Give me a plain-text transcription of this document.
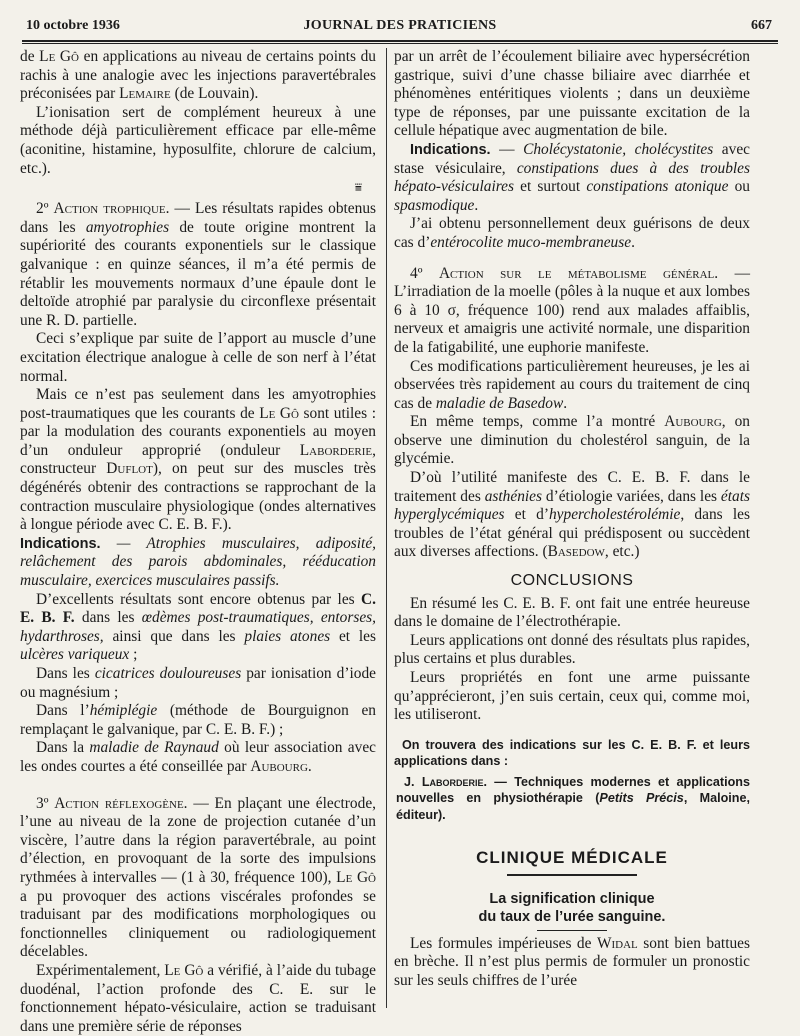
10 octobre 1936	JOURNAL DES PRATICIENS	667

de Le Gô en applications au niveau de certains points du rachis à une analogie avec les injections paravertébrales préconisées par Lemaire (de Louvain).

L’ionisation sert de complément heureux à une méthode déjà particulièrement efficace par elle-même (aconitine, histamine, hyposulfite, chlorure de calcium, etc.).

⩸

2º Action trophique. — Les résultats rapides obtenus dans les amyotrophies de toute origine montrent la supériorité des courants exponentiels sur le classique galvanique : en quinze séances, il m’a été permis de rétablir les mouvements normaux d’une épaule dont le deltoïde atrophié par paralysie du circonflexe présentait une R. D. partielle.

Ceci s’explique par suite de l’apport au muscle d’une excitation électrique analogue à celle de son nerf à l’état normal.

Mais ce n’est pas seulement dans les amyotrophies post-traumatiques que les courants de Le Gô sont utiles : par la modulation des courants exponentiels au moyen d’un onduleur approprié (onduleur Laborderie, constructeur Duflot), on peut sur des muscles très dégénérés obtenir des contractions se rapprochant de la contraction musculaire physiologique (ondes alternatives à longue période avec C. E. B. F.).

Indications. — Atrophies musculaires, adiposité, relâchement des parois abdominales, rééducation musculaire, exercices musculaires passifs.

D’excellents résultats sont encore obtenus par les C. E. B. F. dans les œdèmes post-traumatiques, entorses, hydarthroses, ainsi que dans les plaies atones et les ulcères variqueux ;

Dans les cicatrices douloureuses par ionisation d’iode ou magnésium ;

Dans l’hémiplégie (méthode de Bourguignon en remplaçant le galvanique, par C. E. B. F.) ;

Dans la maladie de Raynaud où leur association avec les ondes courtes a été conseillée par Aubourg.

3º Action réflexogène. — En plaçant une électrode, l’une au niveau de la zone de projection cutanée d’un viscère, l’autre dans la région paravertébrale, au point d’élection, en provoquant de la sorte des impulsions rythmées à intervalles — (1 à 30, fréquence 100), Le Gô a pu provoquer des actions viscérales profondes se traduisant par des modifications morphologiques ou fonctionnelles cliniquement ou radiologiquement décelables.

Expérimentalement, Le Gô a vérifié, à l’aide du tubage duodénal, l’action profonde des C. E. sur le fonctionnement hépato-vésiculaire, action se traduisant dans une première série de réponses

par un arrêt de l’écoulement biliaire avec hypersécrétion gastrique, suivi d’une chasse biliaire avec diarrhée et phénomènes entéritiques violents ; dans un deuxième type de réponses, par une puissante excitation de la cellule hépatique avec augmentation de bile.

Indications. — Cholécystatonie, cholécystites avec stase vésiculaire, constipations dues à des troubles hépato-vésiculaires et surtout constipations atonique ou spasmodique.

J’ai obtenu personnellement deux guérisons de deux cas d’entérocolite muco-membraneuse.

4º Action sur le métabolisme général. — L’irradiation de la moelle (pôles à la nuque et aux lombes 6 à 10 σ, fréquence 100) rend aux malades affaiblis, nerveux et amaigris une activité normale, une disparition de la fatigabilité, une euphorie manifeste.

Ces modifications particulièrement heureuses, je les ai observées très rapidement au cours du traitement de cinq cas de maladie de Basedow.

En même temps, comme l’a montré Aubourg, on observe une diminution du cholestérol sanguin, de la glycémie.

D’où l’utilité manifeste des C. E. B. F. dans le traitement des asthénies d’étiologie variées, dans les états hyperglycémiques et d’hypercholestérolémie, dans les troubles de l’état général qui prédisposent ou succèdent aux diverses affections. (Basedow, etc.)

CONCLUSIONS

En résumé les C. E. B. F. ont fait une entrée heureuse dans le domaine de l’électrothérapie.

Leurs applications ont donné des résultats plus rapides, plus certains et plus durables.

Leurs propriétés en font une arme puissante qu’apprécieront, j’en suis certain, ceux qui, comme moi, les utiliseront.

On trouvera des indications sur les C. E. B. F. et leurs applications dans :

J. Laborderie. — Techniques modernes et applications nouvelles en physiothérapie (Petits Précis, Maloine, éditeur).

CLINIQUE MÉDICALE
La signification clinique
du taux de l’urée sanguine.

Les formules impérieuses de Widal sont bien battues en brèche. Il n’est plus permis de formuler un pronostic sur les seuls chiffres de l’urée
